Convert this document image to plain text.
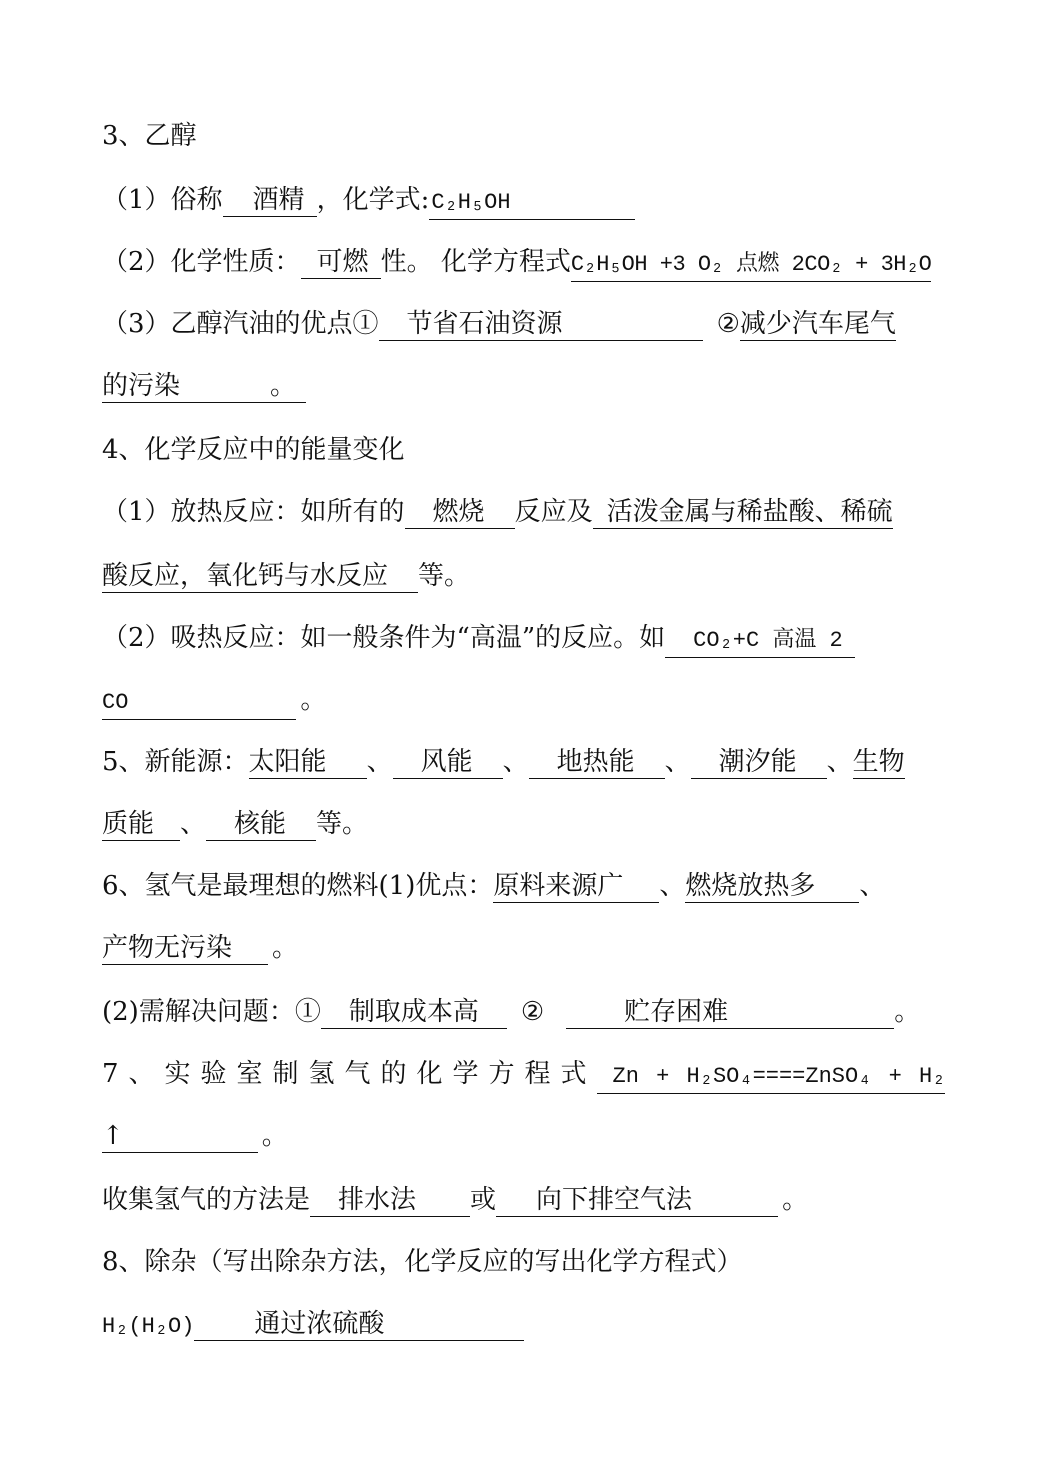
3、乙醇
（1）俗称 酒精 ，化学式:C₂H₅OH
（2）化学性质： 可燃 性。 化学方程式C₂H₅OH +3 O₂ 点燃 2CO₂ + 3H₂O
（3）乙醇汽油的优点① 节省石油资源	②减少汽车尾气
的污染	。
4、化学反应中的能量变化
（1）放热反应：如所有的 燃烧 反应及 活泼金属与稀盐酸、稀硫
酸反应，氧化钙与水反应 等。
（2）吸热反应：如一般条件为“高温”的反应。如 CO₂+C 高温 2
CO	。
5、新能源：太阳能 、 风能 、 地热能 、 潮汐能 、生物
质能 、 核能 等。
6、氢气是最理想的燃料(1)优点：原料来源广 、燃烧放热多 、
产物无污染 。
(2)需解决问题：① 制取成本高 ②	贮存困难	。
7、实验室制氢气的化学方程式 Zn + H₂SO₄====ZnSO₄ + H₂
↑	。
收集氢气的方法是 排水法 或 向下排空气法	。
8、除杂（写出除杂方法，化学反应的写出化学方程式）
H₂(H₂O) 通过浓硫酸
